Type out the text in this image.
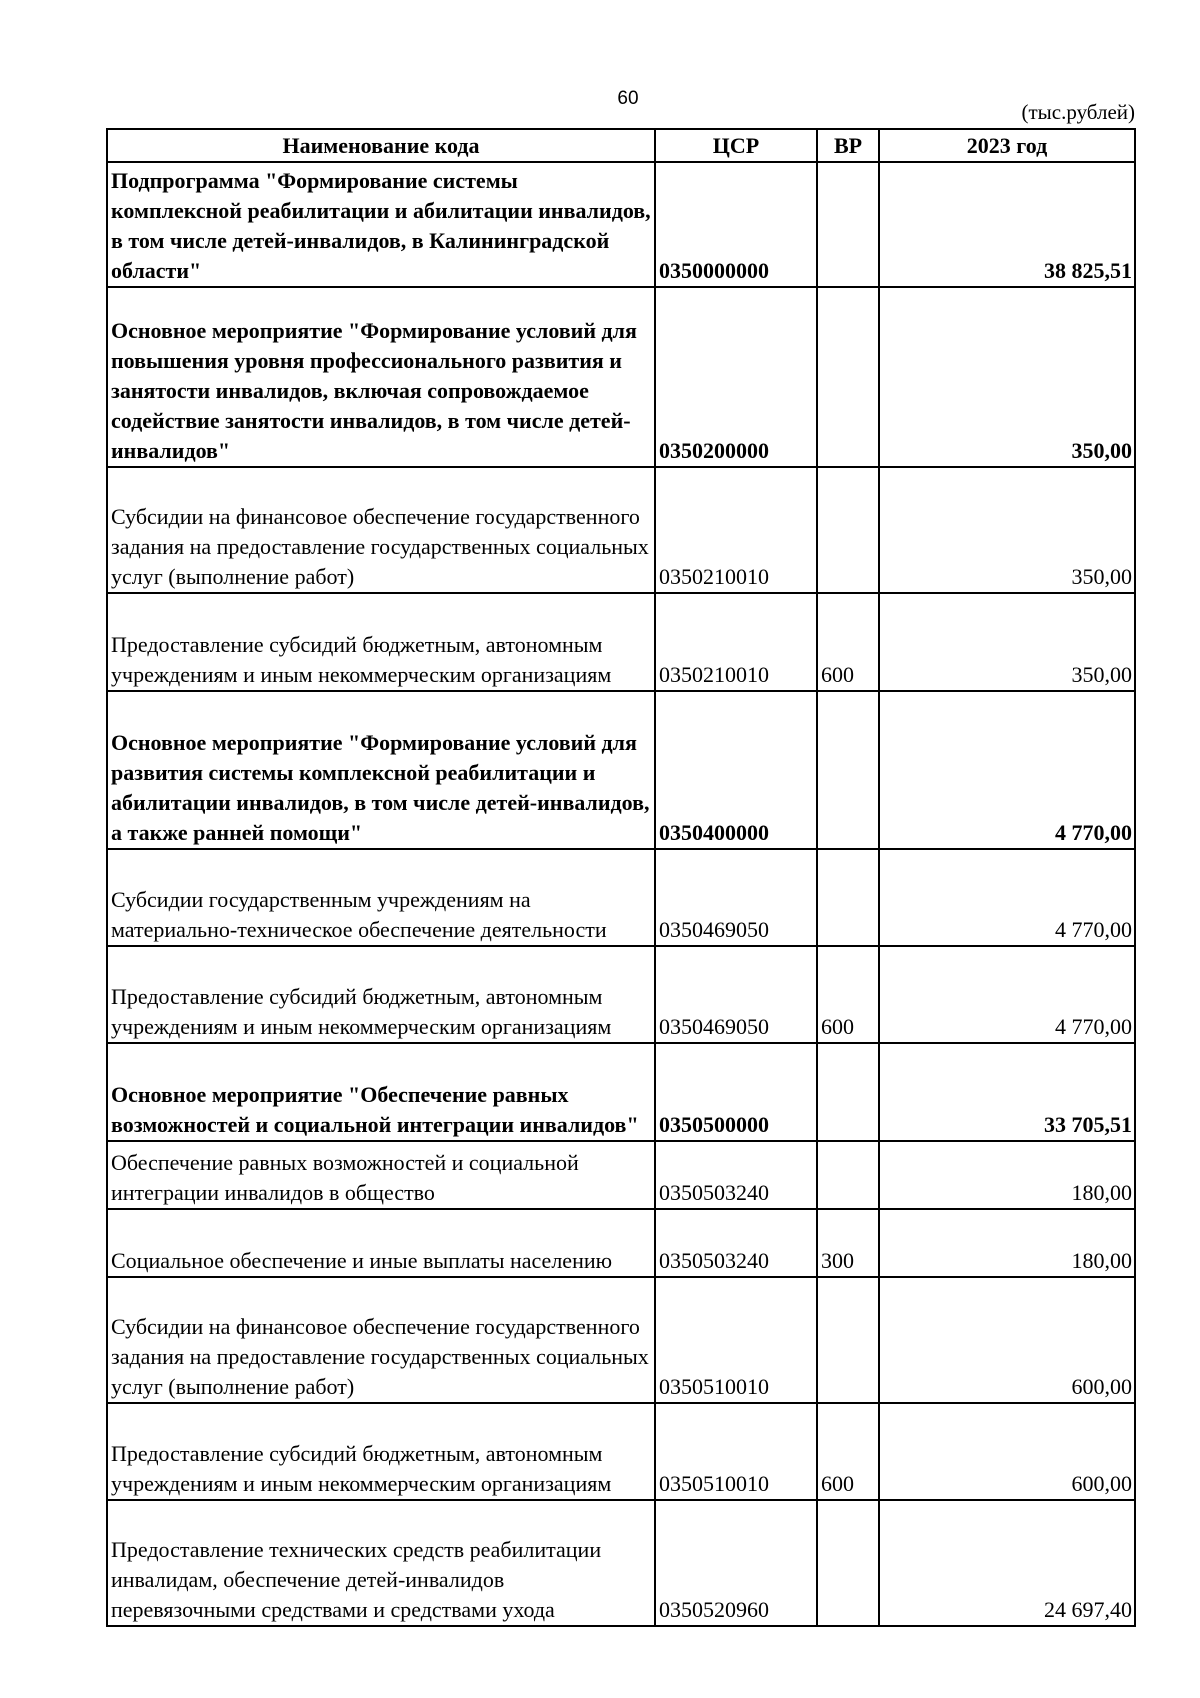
60
(тыс.рублей)
Наименование кода	ЦСР	ВР	2023 год
Подпрограмма "Формирование системы комплексной реабилитации и абилитации инвалидов, в том числе детей-инвалидов, в Калининградской области"	0350000000		38 825,51
Основное мероприятие "Формирование условий для повышения уровня профессионального развития и занятости инвалидов, включая сопровождаемое содействие занятости инвалидов, в том числе детей-инвалидов"	0350200000		350,00
Субсидии на финансовое обеспечение государственного задания на предоставление государственных социальных услуг (выполнение работ)	0350210010		350,00
Предоставление субсидий бюджетным, автономным учреждениям и иным некоммерческим организациям	0350210010	600	350,00
Основное мероприятие "Формирование условий для развития системы комплексной реабилитации и абилитации инвалидов, в том числе детей-инвалидов, а также ранней помощи"	0350400000		4 770,00
Субсидии государственным учреждениям на материально-техническое обеспечение деятельности	0350469050		4 770,00
Предоставление субсидий бюджетным, автономным учреждениям и иным некоммерческим организациям	0350469050	600	4 770,00
Основное мероприятие "Обеспечение равных возможностей и социальной интеграции инвалидов"	0350500000		33 705,51
Обеспечение равных возможностей и социальной интеграции инвалидов в общество	0350503240		180,00
Социальное обеспечение и иные выплаты населению	0350503240	300	180,00
Субсидии на финансовое обеспечение государственного задания на предоставление государственных социальных услуг (выполнение работ)	0350510010		600,00
Предоставление субсидий бюджетным, автономным учреждениям и иным некоммерческим организациям	0350510010	600	600,00
Предоставление технических средств реабилитации инвалидам, обеспечение детей-инвалидов перевязочными средствами и средствами ухода	0350520960		24 697,40
